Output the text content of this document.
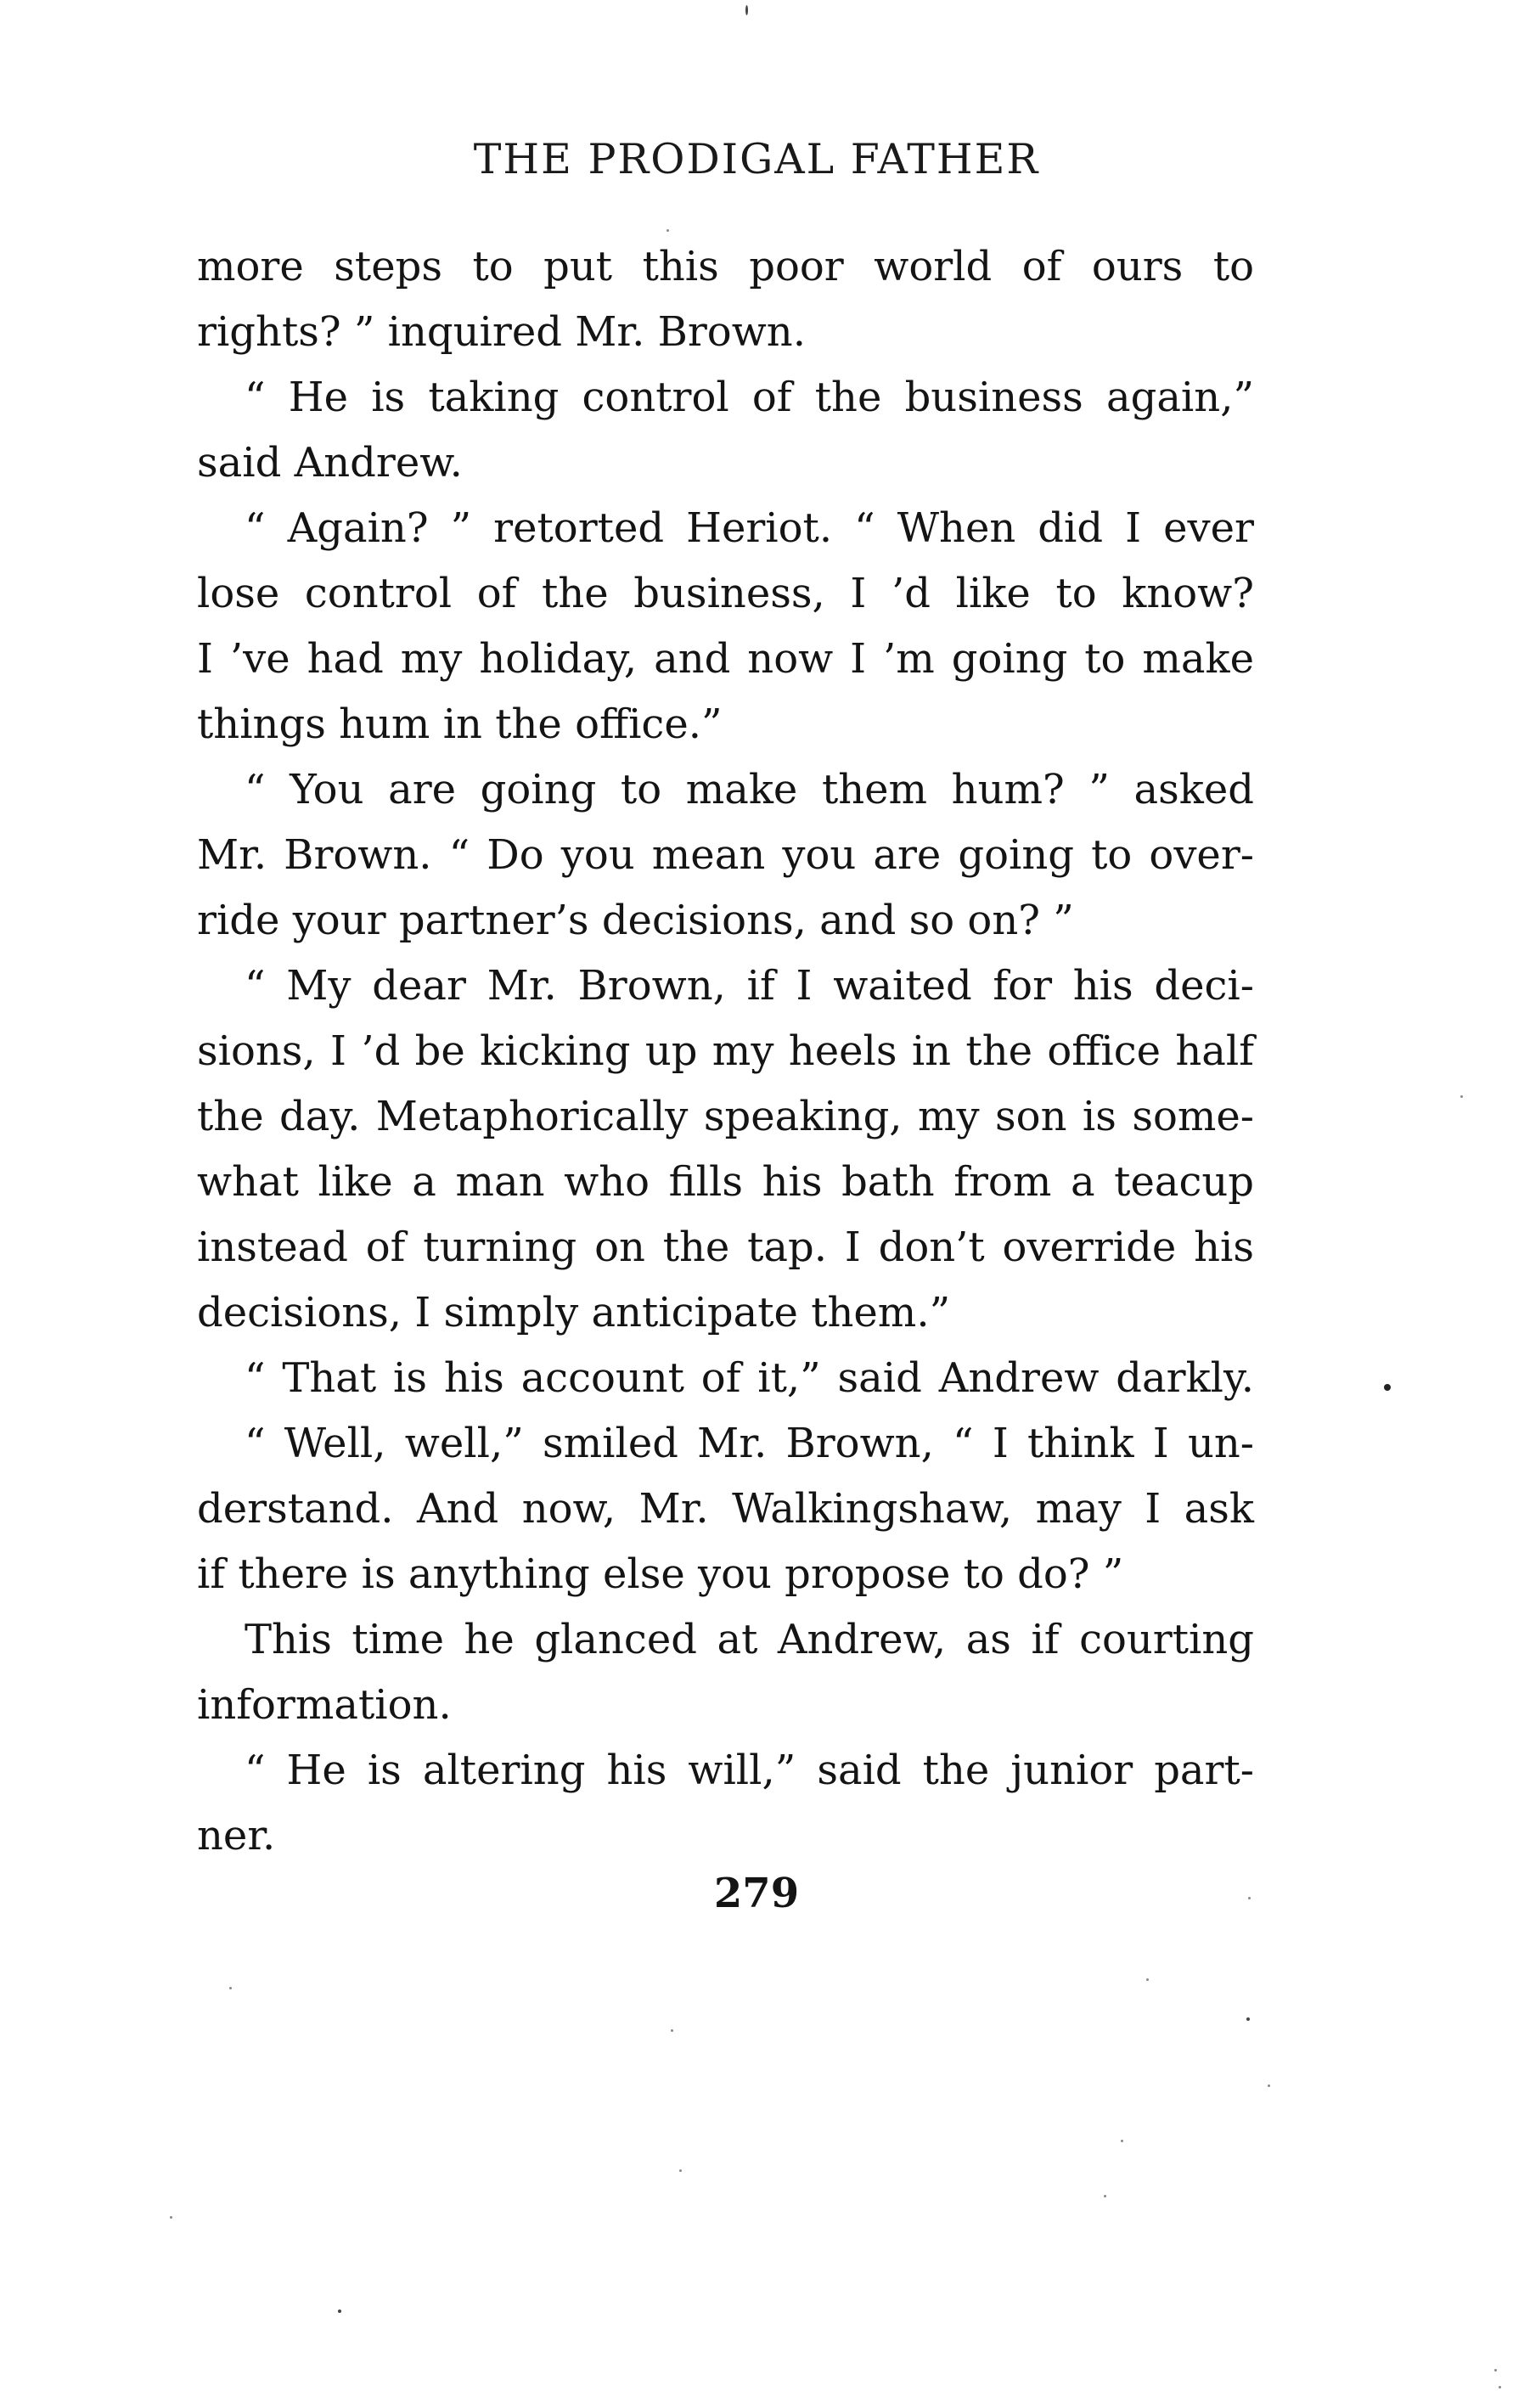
THE PRODIGAL FATHER
more steps to put this poor world of ours to
rights? ” inquired Mr. Brown.
“ He is taking control of the business again,”
said Andrew.
“ Again? ” retorted Heriot. “ When did I ever
lose control of the business, I ’d like to know?
I ’ve had my holiday, and now I ’m going to make
things hum in the office.”
“ You are going to make them hum? ” asked
Mr. Brown. “ Do you mean you are going to over-
ride your partner’s decisions, and so on? ”
“ My dear Mr. Brown, if I waited for his deci-
sions, I ’d be kicking up my heels in the office half
the day. Metaphorically speaking, my son is some-
what like a man who fills his bath from a teacup
instead of turning on the tap. I don’t override his
decisions, I simply anticipate them.”
“ That is his account of it,” said Andrew darkly.
“ Well, well,” smiled Mr. Brown, “ I think I un-
derstand. And now, Mr. Walkingshaw, may I ask
if there is anything else you propose to do? ”
This time he glanced at Andrew, as if courting
information.
“ He is altering his will,” said the junior part-
ner.
279
